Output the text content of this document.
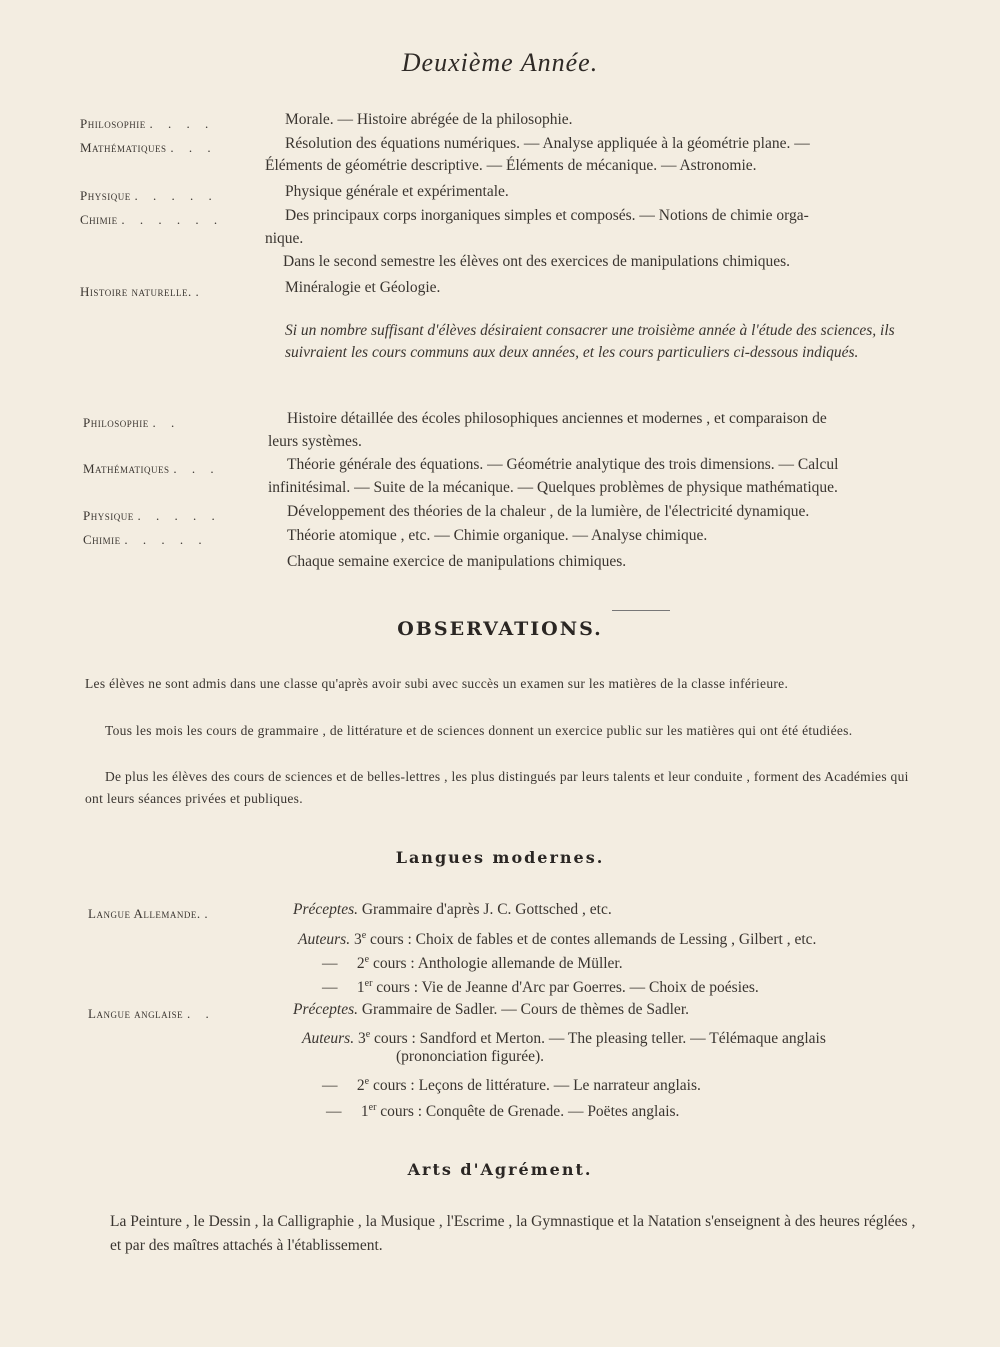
Deuxième Année.
Philosophie . . . .	Morale. — Histoire abrégée de la philosophie.
Mathématiques . . .	Résolution des équations numériques. — Analyse appliquée à la géométrie plane. —
Éléments de géométrie descriptive. — Éléments de mécanique. — Astronomie.
Physique . . . . .	Physique générale et expérimentale.
Chimie . . . . . .	Des principaux corps inorganiques simples et composés. — Notions de chimie orga-
nique.
Dans le second semestre les élèves ont des exercices de manipulations chimiques.
Histoire naturelle. .	Minéralogie et Géologie.
Si un nombre suffisant d'élèves désiraient consacrer une troisième année à l'étude des sciences, ils suivraient les cours communs aux deux années, et les cours particuliers ci-dessous indiqués.
Philosophie . .	Histoire détaillée des écoles philosophiques anciennes et modernes , et comparaison de
leurs systèmes.
Mathématiques . . .	Théorie générale des équations. — Géométrie analytique des trois dimensions. — Calcul
infinitésimal. — Suite de la mécanique. — Quelques problèmes de physique mathématique.
Physique . . . . .	Développement des théories de la chaleur , de la lumière, de l'électricité dynamique.
Chimie . . . . .	Théorie atomique , etc. — Chimie organique. — Analyse chimique.
Chaque semaine exercice de manipulations chimiques.
OBSERVATIONS.
Les élèves ne sont admis dans une classe qu'après avoir subi avec succès un examen sur les matières de la classe inférieure.
Tous les mois les cours de grammaire , de littérature et de sciences donnent un exercice public sur les matières qui ont été étudiées.
De plus les élèves des cours de sciences et de belles-lettres , les plus distingués par leurs talents et leur conduite , forment des Académies qui ont leurs séances privées et publiques.
Langues modernes.
Langue Allemande. .	Préceptes. Grammaire d'après J. C. Gottsched , etc.
Auteurs. 3e cours : Choix de fables et de contes allemands de Lessing , Gilbert , etc.
— 2e cours : Anthologie allemande de Müller.
— 1er cours : Vie de Jeanne d'Arc par Goerres. — Choix de poésies.
Langue anglaise . .	Préceptes. Grammaire de Sadler. — Cours de thèmes de Sadler.
Auteurs. 3e cours : Sandford et Merton. — The pleasing teller. — Télémaque anglais
(prononciation figurée).
— 2e cours : Leçons de littérature. — Le narrateur anglais.
— 1er cours : Conquête de Grenade. — Poëtes anglais.
Arts d'Agrément.
La Peinture , le Dessin , la Calligraphie , la Musique , l'Escrime , la Gymnastique et la Natation s'enseignent à des heures réglées , et par des maîtres attachés à l'établissement.
